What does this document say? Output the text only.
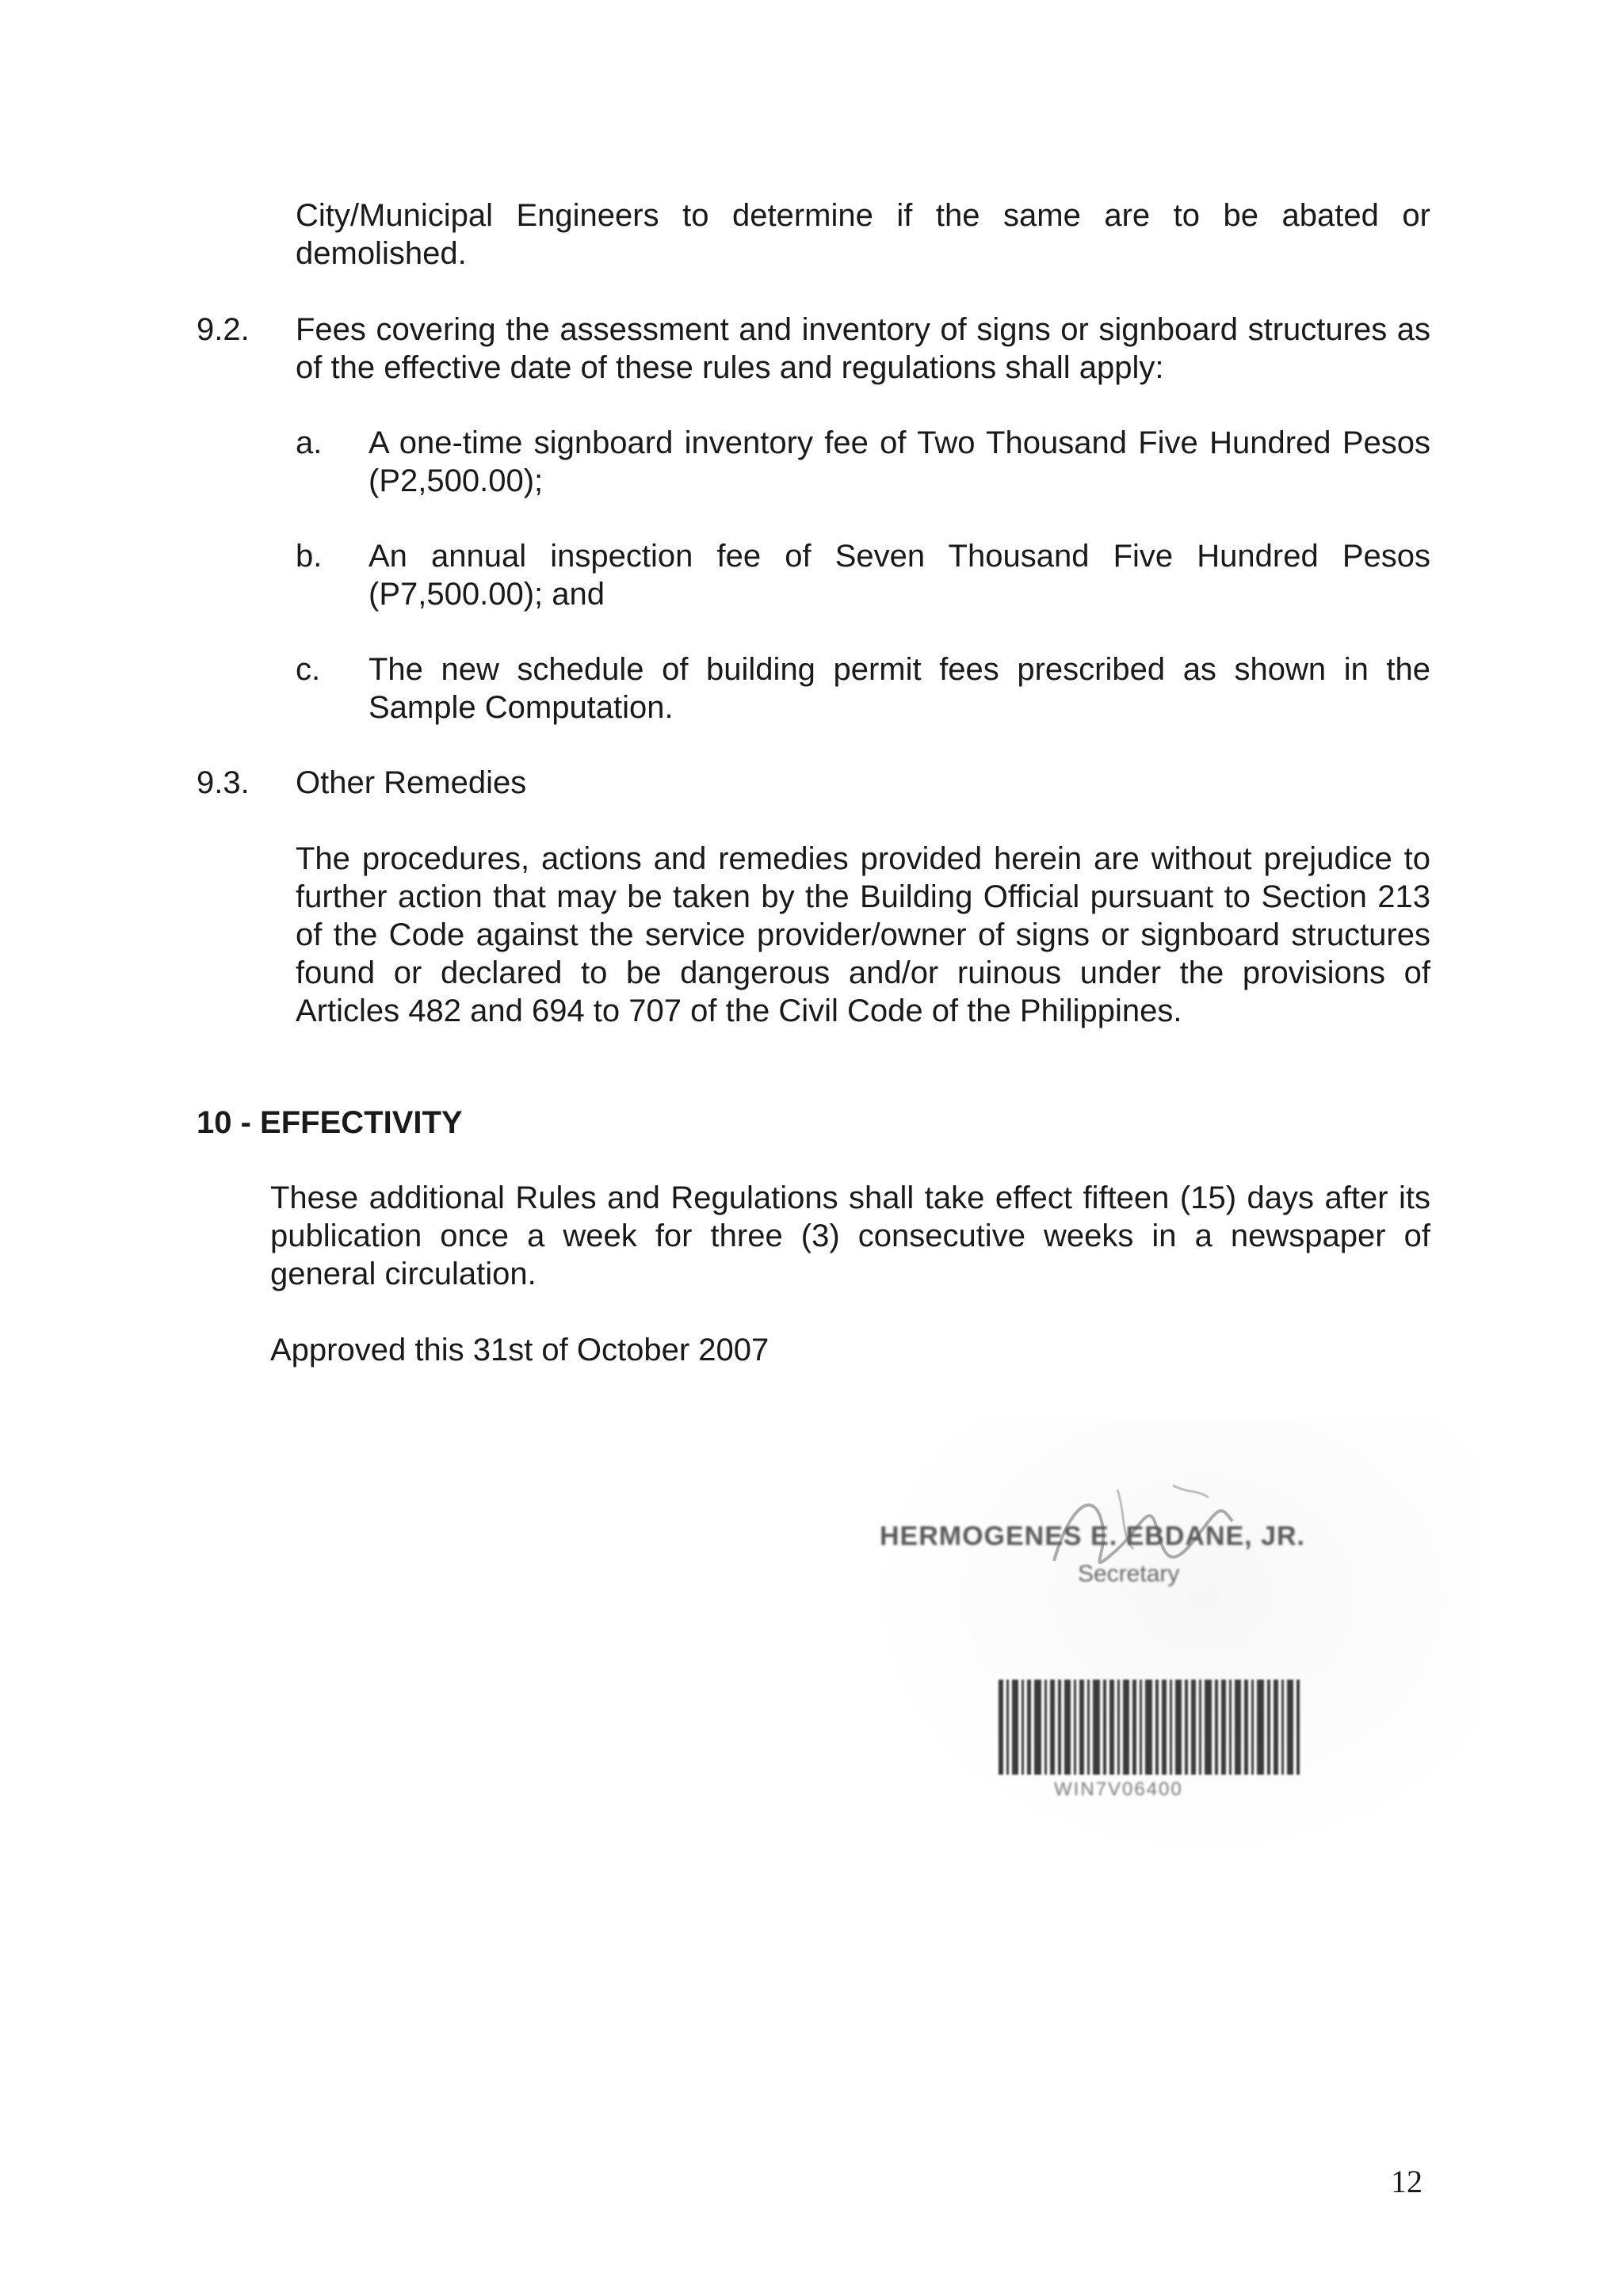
City/Municipal Engineers to determine if the same are to be abated or demolished.
9.2. Fees covering the assessment and inventory of signs or signboard structures as of the effective date of these rules and regulations shall apply:
a. A one-time signboard inventory fee of Two Thousand Five Hundred Pesos (P2,500.00);
b. An annual inspection fee of Seven Thousand Five Hundred Pesos (P7,500.00); and
c. The new schedule of building permit fees prescribed as shown in the Sample Computation.
9.3. Other Remedies
The procedures, actions and remedies provided herein are without prejudice to further action that may be taken by the Building Official pursuant to Section 213 of the Code against the service provider/owner of signs or signboard structures found or declared to be dangerous and/or ruinous under the provisions of Articles 482 and 694 to 707 of the Civil Code of the Philippines.
10 - EFFECTIVITY
These additional Rules and Regulations shall take effect fifteen (15) days after its publication once a week for three (3) consecutive weeks in a newspaper of general circulation.
Approved this 31st of October 2007
HERMOGENES E. EBDANE, JR.
Secretary
WIN7V06400
12
